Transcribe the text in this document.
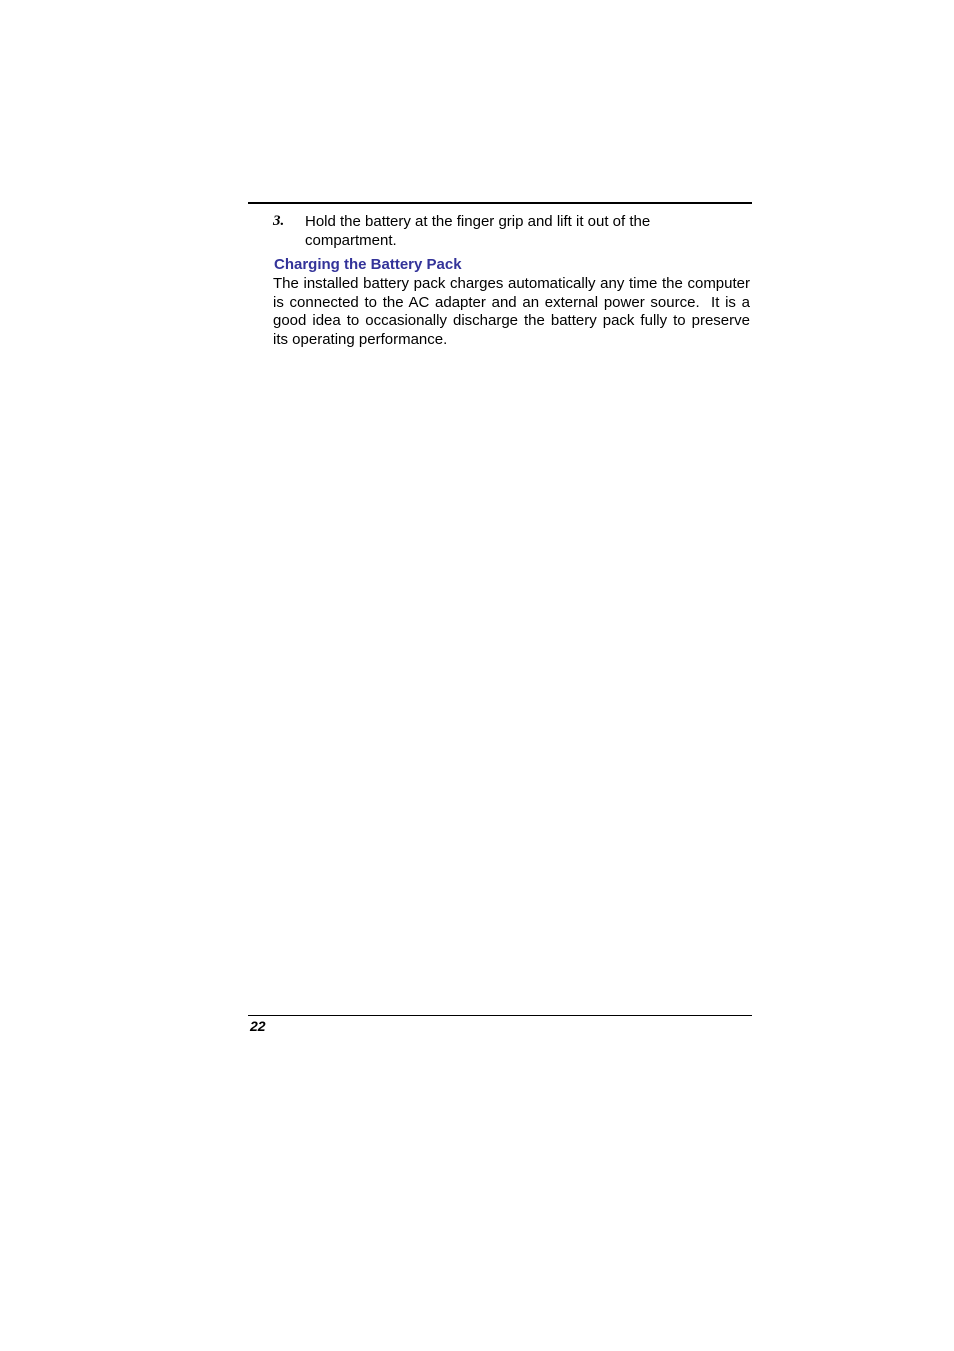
3. Hold the battery at the finger grip and lift it out of the compartment.
Charging the Battery Pack

The installed battery pack charges automatically any time the computer is connected to the AC adapter and an external power source.  It is a good idea to occasionally discharge the battery pack fully to preserve its operating performance.

22
